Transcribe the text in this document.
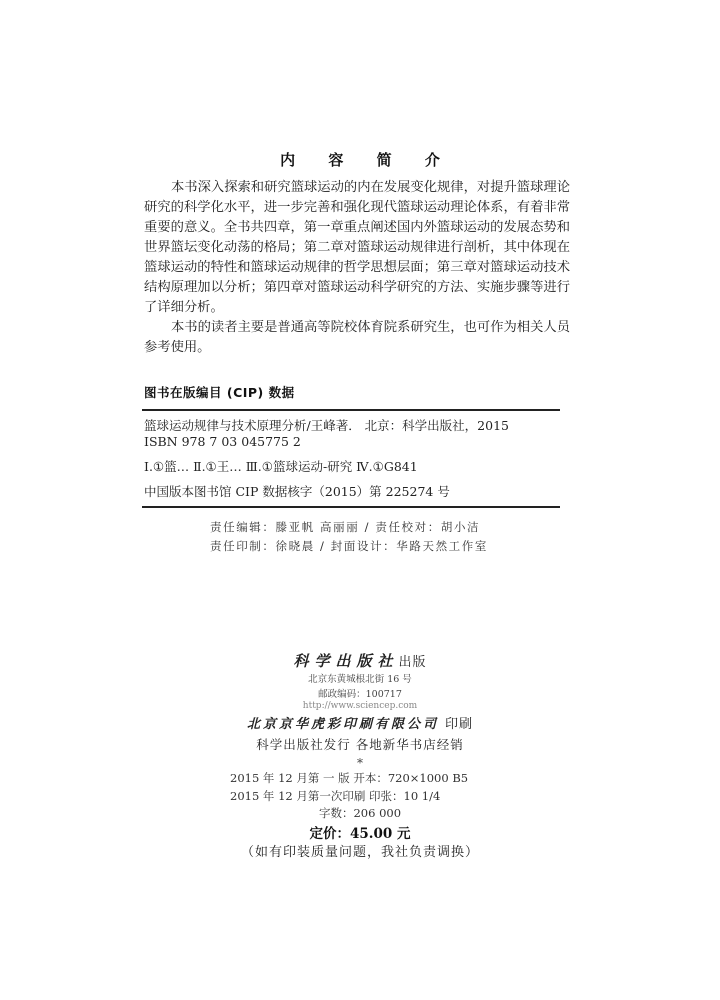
内 容 简 介
本书深入探索和研究篮球运动的内在发展变化规律，对提升篮球理论
研究的科学化水平，进一步完善和强化现代篮球运动理论体系，有着非常
重要的意义。全书共四章，第一章重点阐述国内外篮球运动的发展态势和
世界篮坛变化动荡的格局；第二章对篮球运动规律进行剖析，其中体现在
篮球运动的特性和篮球运动规律的哲学思想层面；第三章对篮球运动技术
结构原理加以分析；第四章对篮球运动科学研究的方法、实施步骤等进行
了详细分析。
本书的读者主要是普通高等院校体育院系研究生，也可作为相关人员
参考使用。
图书在版编目 (CIP) 数据
篮球运动规律与技术原理分析/王峰著． 北京：科学出版社，2015
ISBN 978 7 03 045775 2
Ⅰ.①篮… Ⅱ.①王… Ⅲ.①篮球运动-研究 Ⅳ.①G841
中国版本图书馆 CIP 数据核字（2015）第 225274 号
责任编辑：滕亚帆 高丽丽 / 责任校对：胡小洁
责任印制：徐晓晨 / 封面设计：华路天然工作室
科学出版社出版
北京东黄城根北街 16 号
邮政编码：100717
http://www.sciencep.com
北京京华虎彩印刷有限公司 印刷
科学出版社发行 各地新华书店经销
*
2015 年 12 月第 一 版 开本：720×1000 B5
2015 年 12 月第一次印刷 印张：10 1/4
字数：206 000
定价：45.00 元
（如有印装质量问题，我社负责调换）
